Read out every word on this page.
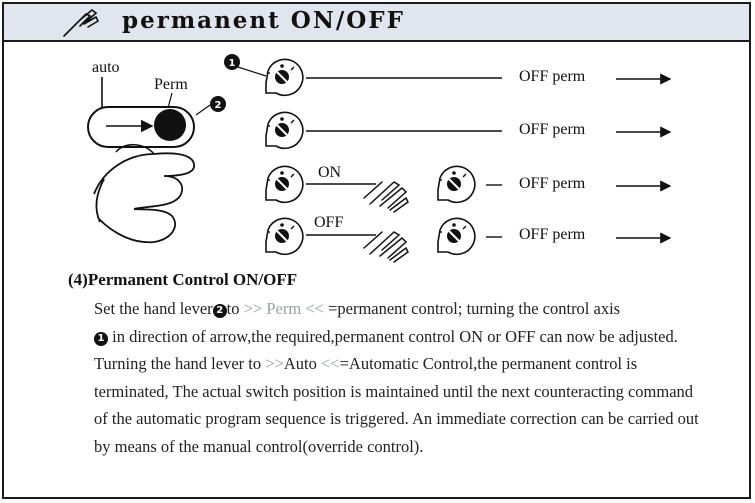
permanent ON/OFF
1
2
auto
Perm
ON
OFF
OFF perm
OFF perm
OFF perm
OFF perm
(4)Permanent Control ON/OFF
Set the hand lever 2 to >> Perm << =permanent control; turning the control axis
1 in direction of arrow,the required,permanent control ON or OFF can now be adjusted. Turning the hand lever to >>Auto <<=Automatic Control,the permanent control is terminated, The actual switch position is maintained until the next counteracting command of the automatic program sequence is triggered. An immediate correction can be carried out by means of the manual control(override control).
